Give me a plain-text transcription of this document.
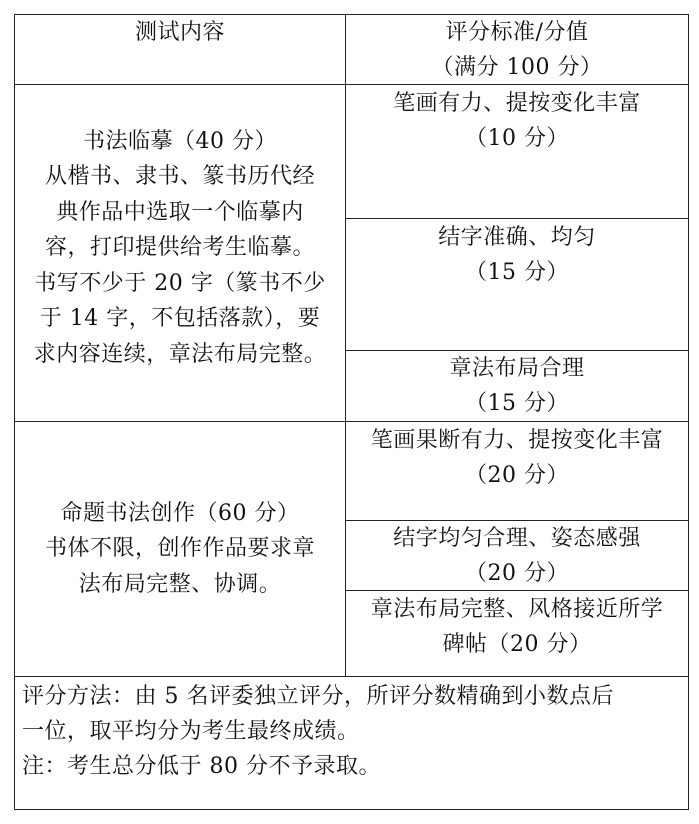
测试内容	评分标准/分值
（满分 100 分）
书法临摹（40 分）
从楷书、隶书、篆书历代经
典作品中选取一个临摹内
容，打印提供给考生临摹。
书写不少于 20 字（篆书不少
于 14 字，不包括落款），要
求内容连续，章法布局完整。
笔画有力、提按变化丰富
（10 分）
结字准确、均匀
（15 分）
章法布局合理
（15 分）
命题书法创作（60 分）
书体不限，创作作品要求章
法布局完整、协调。
笔画果断有力、提按变化丰富
（20 分）
结字均匀合理、姿态感强
（20 分）
章法布局完整、风格接近所学
碑帖（20 分）
评分方法：由 5 名评委独立评分，所评分数精确到小数点后
一位，取平均分为考生最终成绩。
注：考生总分低于 80 分不予录取。
